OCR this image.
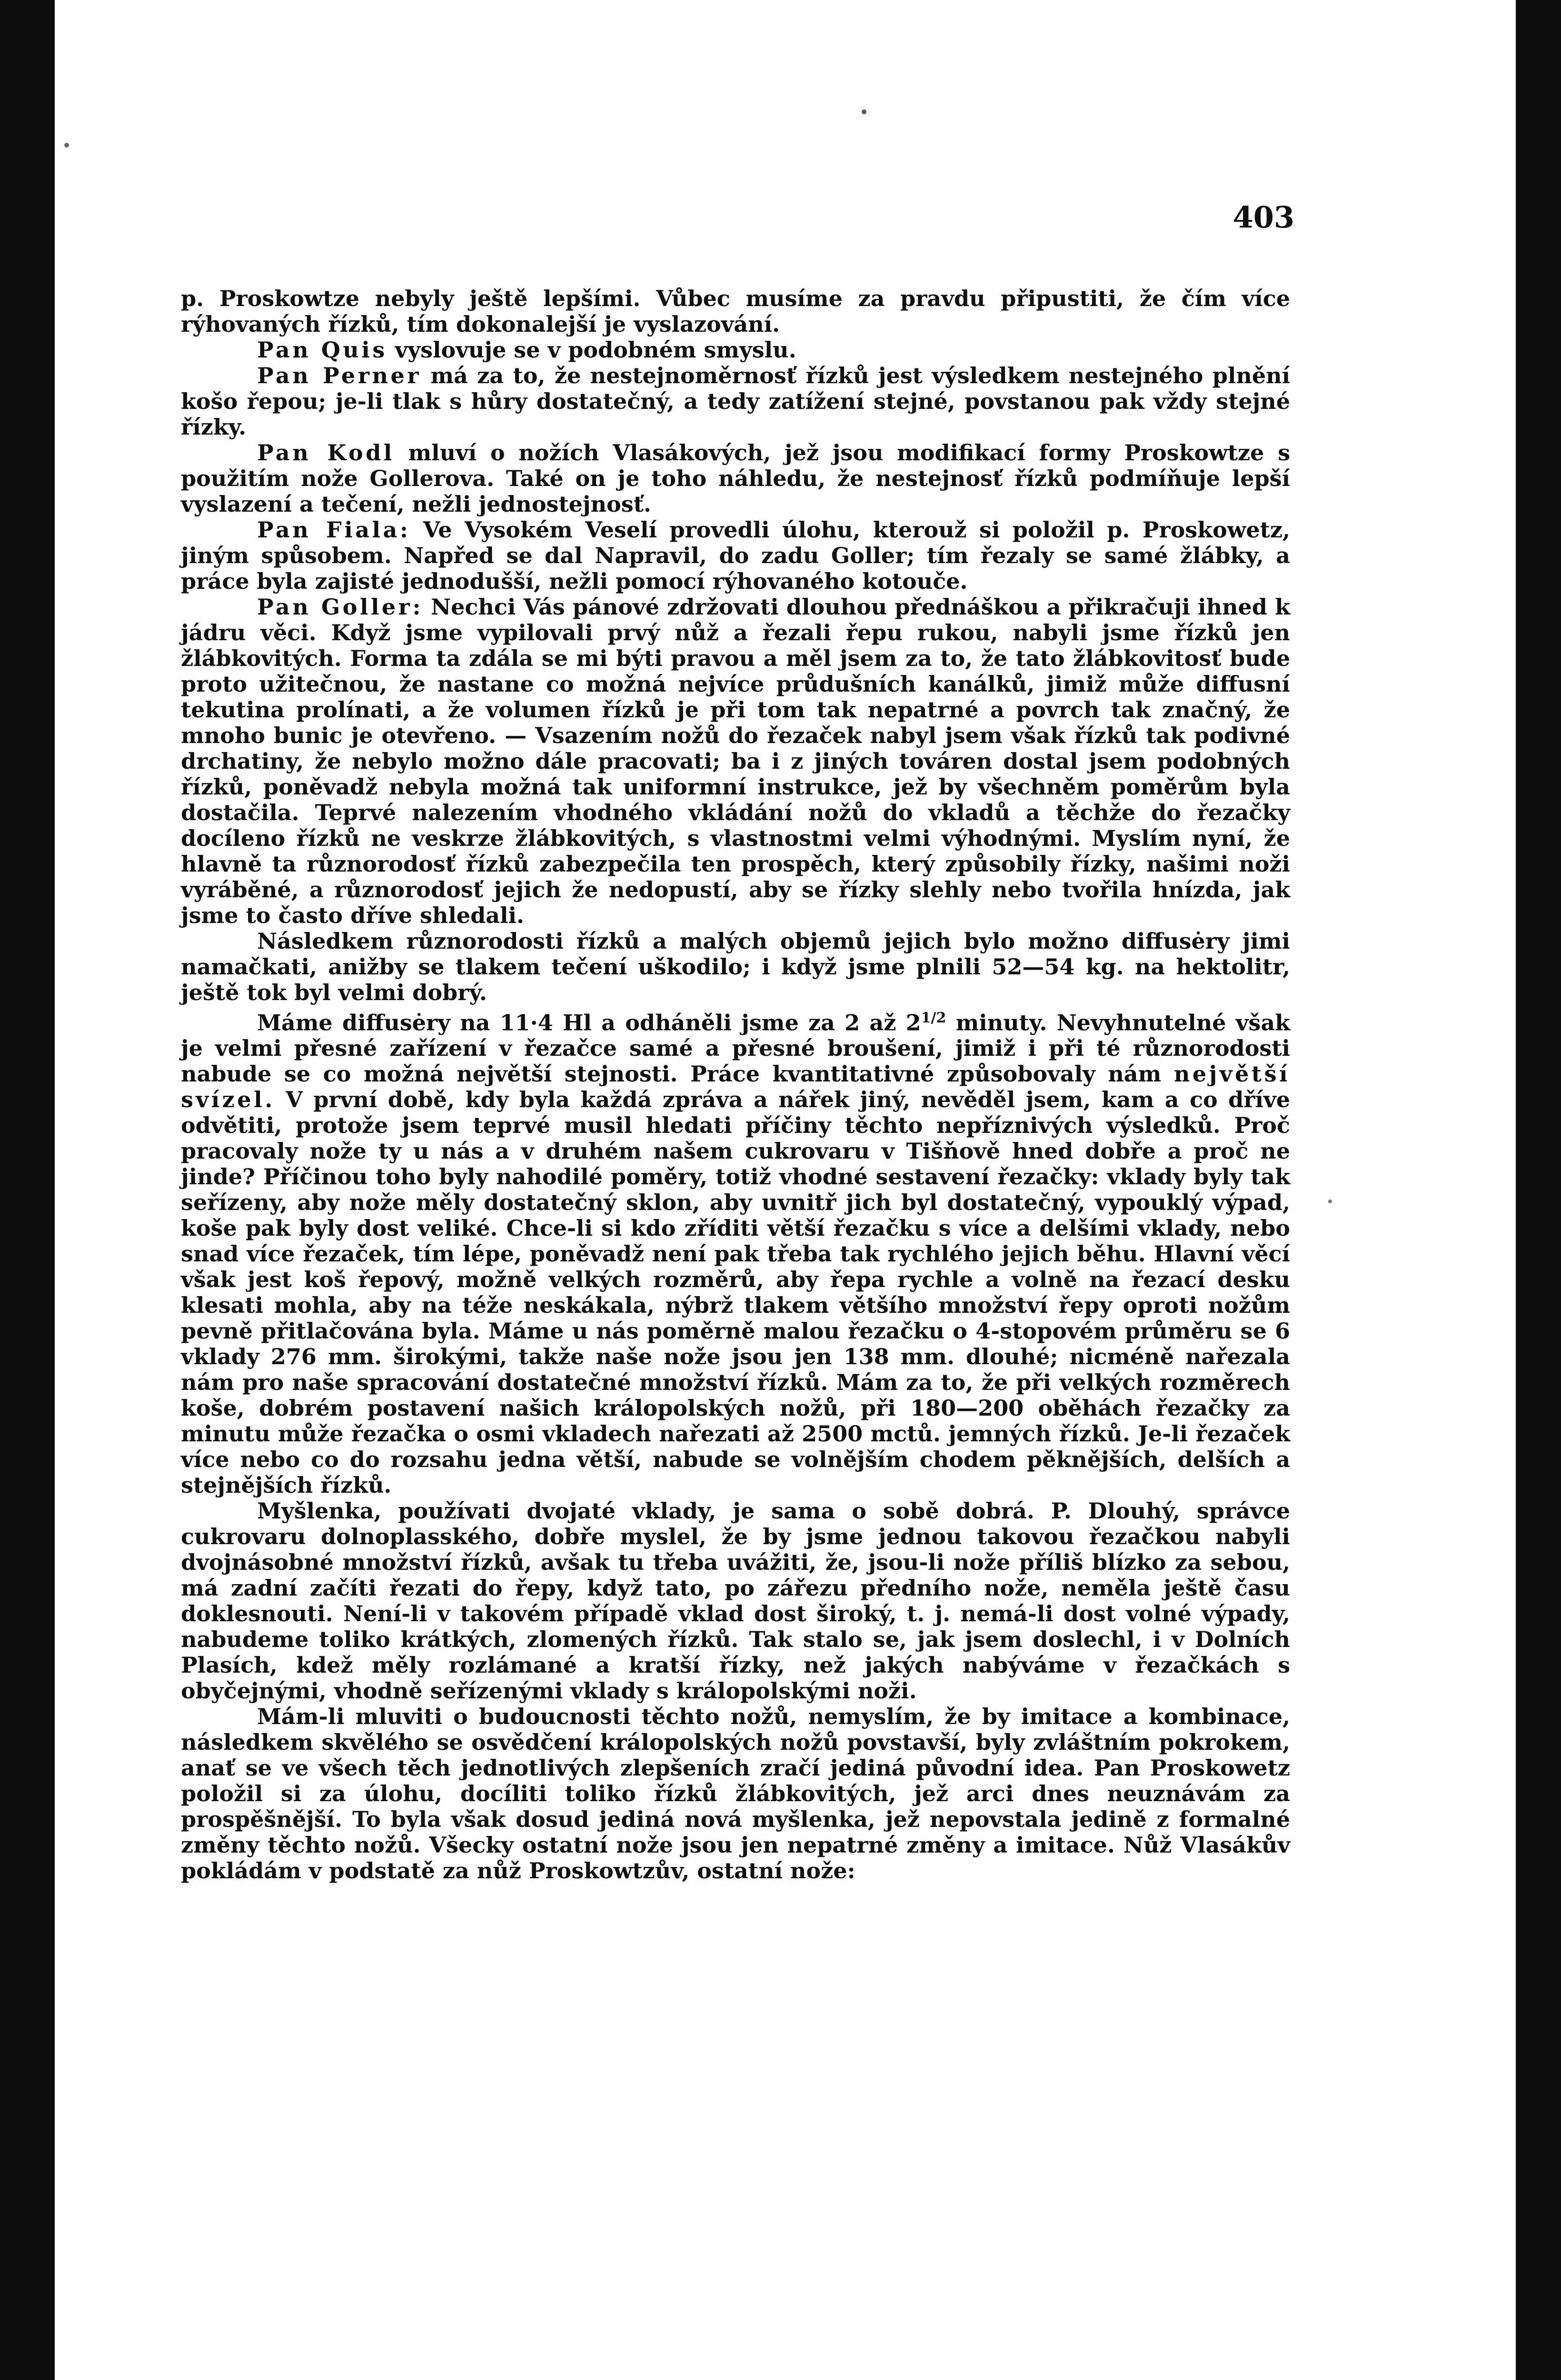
403

p. Proskowtze nebyly ještě lepšími. Vůbec musíme za pravdu připustiti, že čím více rýhovaných řízků, tím dokonalejší je vyslazování.

Pan Quis vyslovuje se v podobném smyslu.

Pan Perner má za to, že nestejnoměrnosť řízků jest výsledkem nestejného plnění košo řepou; je-li tlak s hůry dostatečný, a tedy zatížení stejné, povstanou pak vždy stejné řízky.

Pan Kodl mluví o nožích Vlasákových, jež jsou modifikací formy Proskowtze s použitím nože Gollerova. Také on je toho náhledu, že nestejnosť řízků podmíňuje lepší vyslazení a tečení, nežli jednostejnosť.

Pan Fiala: Ve Vysokém Veselí provedli úlohu, kterouž si položil p. Proskowetz, jiným spůsobem. Napřed se dal Napravil, do zadu Goller; tím řezaly se samé žlábky, a práce byla zajisté jednodušší, nežli pomocí rýhovaného kotouče.

Pan Goller: Nechci Vás pánové zdržovati dlouhou přednáškou a přikračuji ihned k jádru věci. Když jsme vypilovali prvý nůž a řezali řepu rukou, nabyli jsme řízků jen žlábkovitých. Forma ta zdála se mi býti pravou a měl jsem za to, že tato žlábkovitosť bude proto užitečnou, že nastane co možná nejvíce průdušních kanálků, jimiž může diffusní tekutina prolínati, a že volumen řízků je při tom tak nepatrné a povrch tak značný, že mnoho bunic je otevřeno. — Vsazením nožů do řezaček nabyl jsem však řízků tak podivné drchatiny, že nebylo možno dále pracovati; ba i z jiných továren dostal jsem podobných řízků, poněvadž nebyla možná tak uniformní instrukce, jež by všechněm poměrům byla dostačila. Teprvé nalezením vhodného vkládání nožů do vkladů a těchže do řezačky docíleno řízků ne veskrze žlábkovitých, s vlastnostmi velmi výhodnými. Myslím nyní, že hlavně ta různorodosť řízků zabezpečila ten prospěch, který způsobily řízky, našimi noži vyráběné, a různorodosť jejich že nedopustí, aby se řízky slehly nebo tvořila hnízda, jak jsme to často dříve shledali.

Následkem různorodosti řízků a malých objemů jejich bylo možno diffusėry jimi namačkati, anižby se tlakem tečení uškodilo; i když jsme plnili 52—54 kg. na hektolitr, ještě tok byl velmi dobrý.

Máme diffusėry na 11·4 Hl a odháněli jsme za 2 až $2^{1/2}$ minuty. Nevyhnutelné však je velmi přesné zařízení v řezačce samé a přesné broušení, jimiž i při té různorodosti nabude se co možná největší stejnosti. Práce kvantitativné způsobovaly nám největší svízel. V první době, kdy byla každá zpráva a nářek jiný, nevěděl jsem, kam a co dříve odvětiti, protože jsem teprvé musil hledati příčiny těchto nepříznivých výsledků. Proč pracovaly nože ty u nás a v druhém našem cukrovaru v Tišňově hned dobře a proč ne jinde? Příčinou toho byly nahodilé poměry, totiž vhodné sestavení řezačky: vklady byly tak seřízeny, aby nože měly dostatečný sklon, aby uvnitř jich byl dostatečný, vypouklý výpad, koše pak byly dost veliké. Chce-li si kdo zříditi větší řezačku s více a delšími vklady, nebo snad více řezaček, tím lépe, poněvadž není pak třeba tak rychlého jejich běhu. Hlavní věcí však jest koš řepový, možně velkých rozměrů, aby řepa rychle a volně na řezací desku klesati mohla, aby na téže neskákala, nýbrž tlakem většího množství řepy oproti nožům pevně přitlačována byla. Máme u nás poměrně malou řezačku o 4-stopovém průměru se 6 vklady 276 mm. širokými, takže naše nože jsou jen 138 mm. dlouhé; nicméně nařezala nám pro naše spracování dostatečné množství řízků. Mám za to, že při velkých rozměrech koše, dobrém postavení našich králopolských nožů, při 180—200 oběhách řezačky za minutu může řezačka o osmi vkladech nařezati až 2500 mctů. jemných řízků. Je-li řezaček více nebo co do rozsahu jedna větší, nabude se volnějším chodem pěknějších, delších a stejnějších řízků.

Myšlenka, používati dvojaté vklady, je sama o sobě dobrá. P. Dlouhý, správce cukrovaru dolnoplasského, dobře myslel, že by jsme jednou takovou řezačkou nabyli dvojnásobné množství řízků, avšak tu třeba uvážiti, že, jsou-li nože příliš blízko za sebou, má zadní začíti řezati do řepy, když tato, po zářezu předního nože, neměla ještě času doklesnouti. Není-li v takovém případě vklad dost široký, t. j. nemá-li dost volné výpady, nabudeme toliko krátkých, zlomených řízků. Tak stalo se, jak jsem doslechl, i v Dolních Plasích, kdež měly rozlámané a kratší řízky, než jakých nabýváme v řezačkách s obyčejnými, vhodně seřízenými vklady s králopolskými noži.

Mám-li mluviti o budoucnosti těchto nožů, nemyslím, že by imitace a kombinace, následkem skvělého se osvědčení králopolských nožů povstavší, byly zvláštním pokrokem, anať se ve všech těch jednotlivých zlepšeních zračí jediná původní idea. Pan Proskowetz položil si za úlohu, docíliti toliko řízků žlábkovitých, jež arci dnes neuznávám za prospěšnější. To byla však dosud jediná nová myšlenka, jež nepovstala jedině z formalné změny těchto nožů. Všecky ostatní nože jsou jen nepatrné změny a imitace. Nůž Vlasákův pokládám v podstatě za nůž Proskowtzův, ostatní nože:
